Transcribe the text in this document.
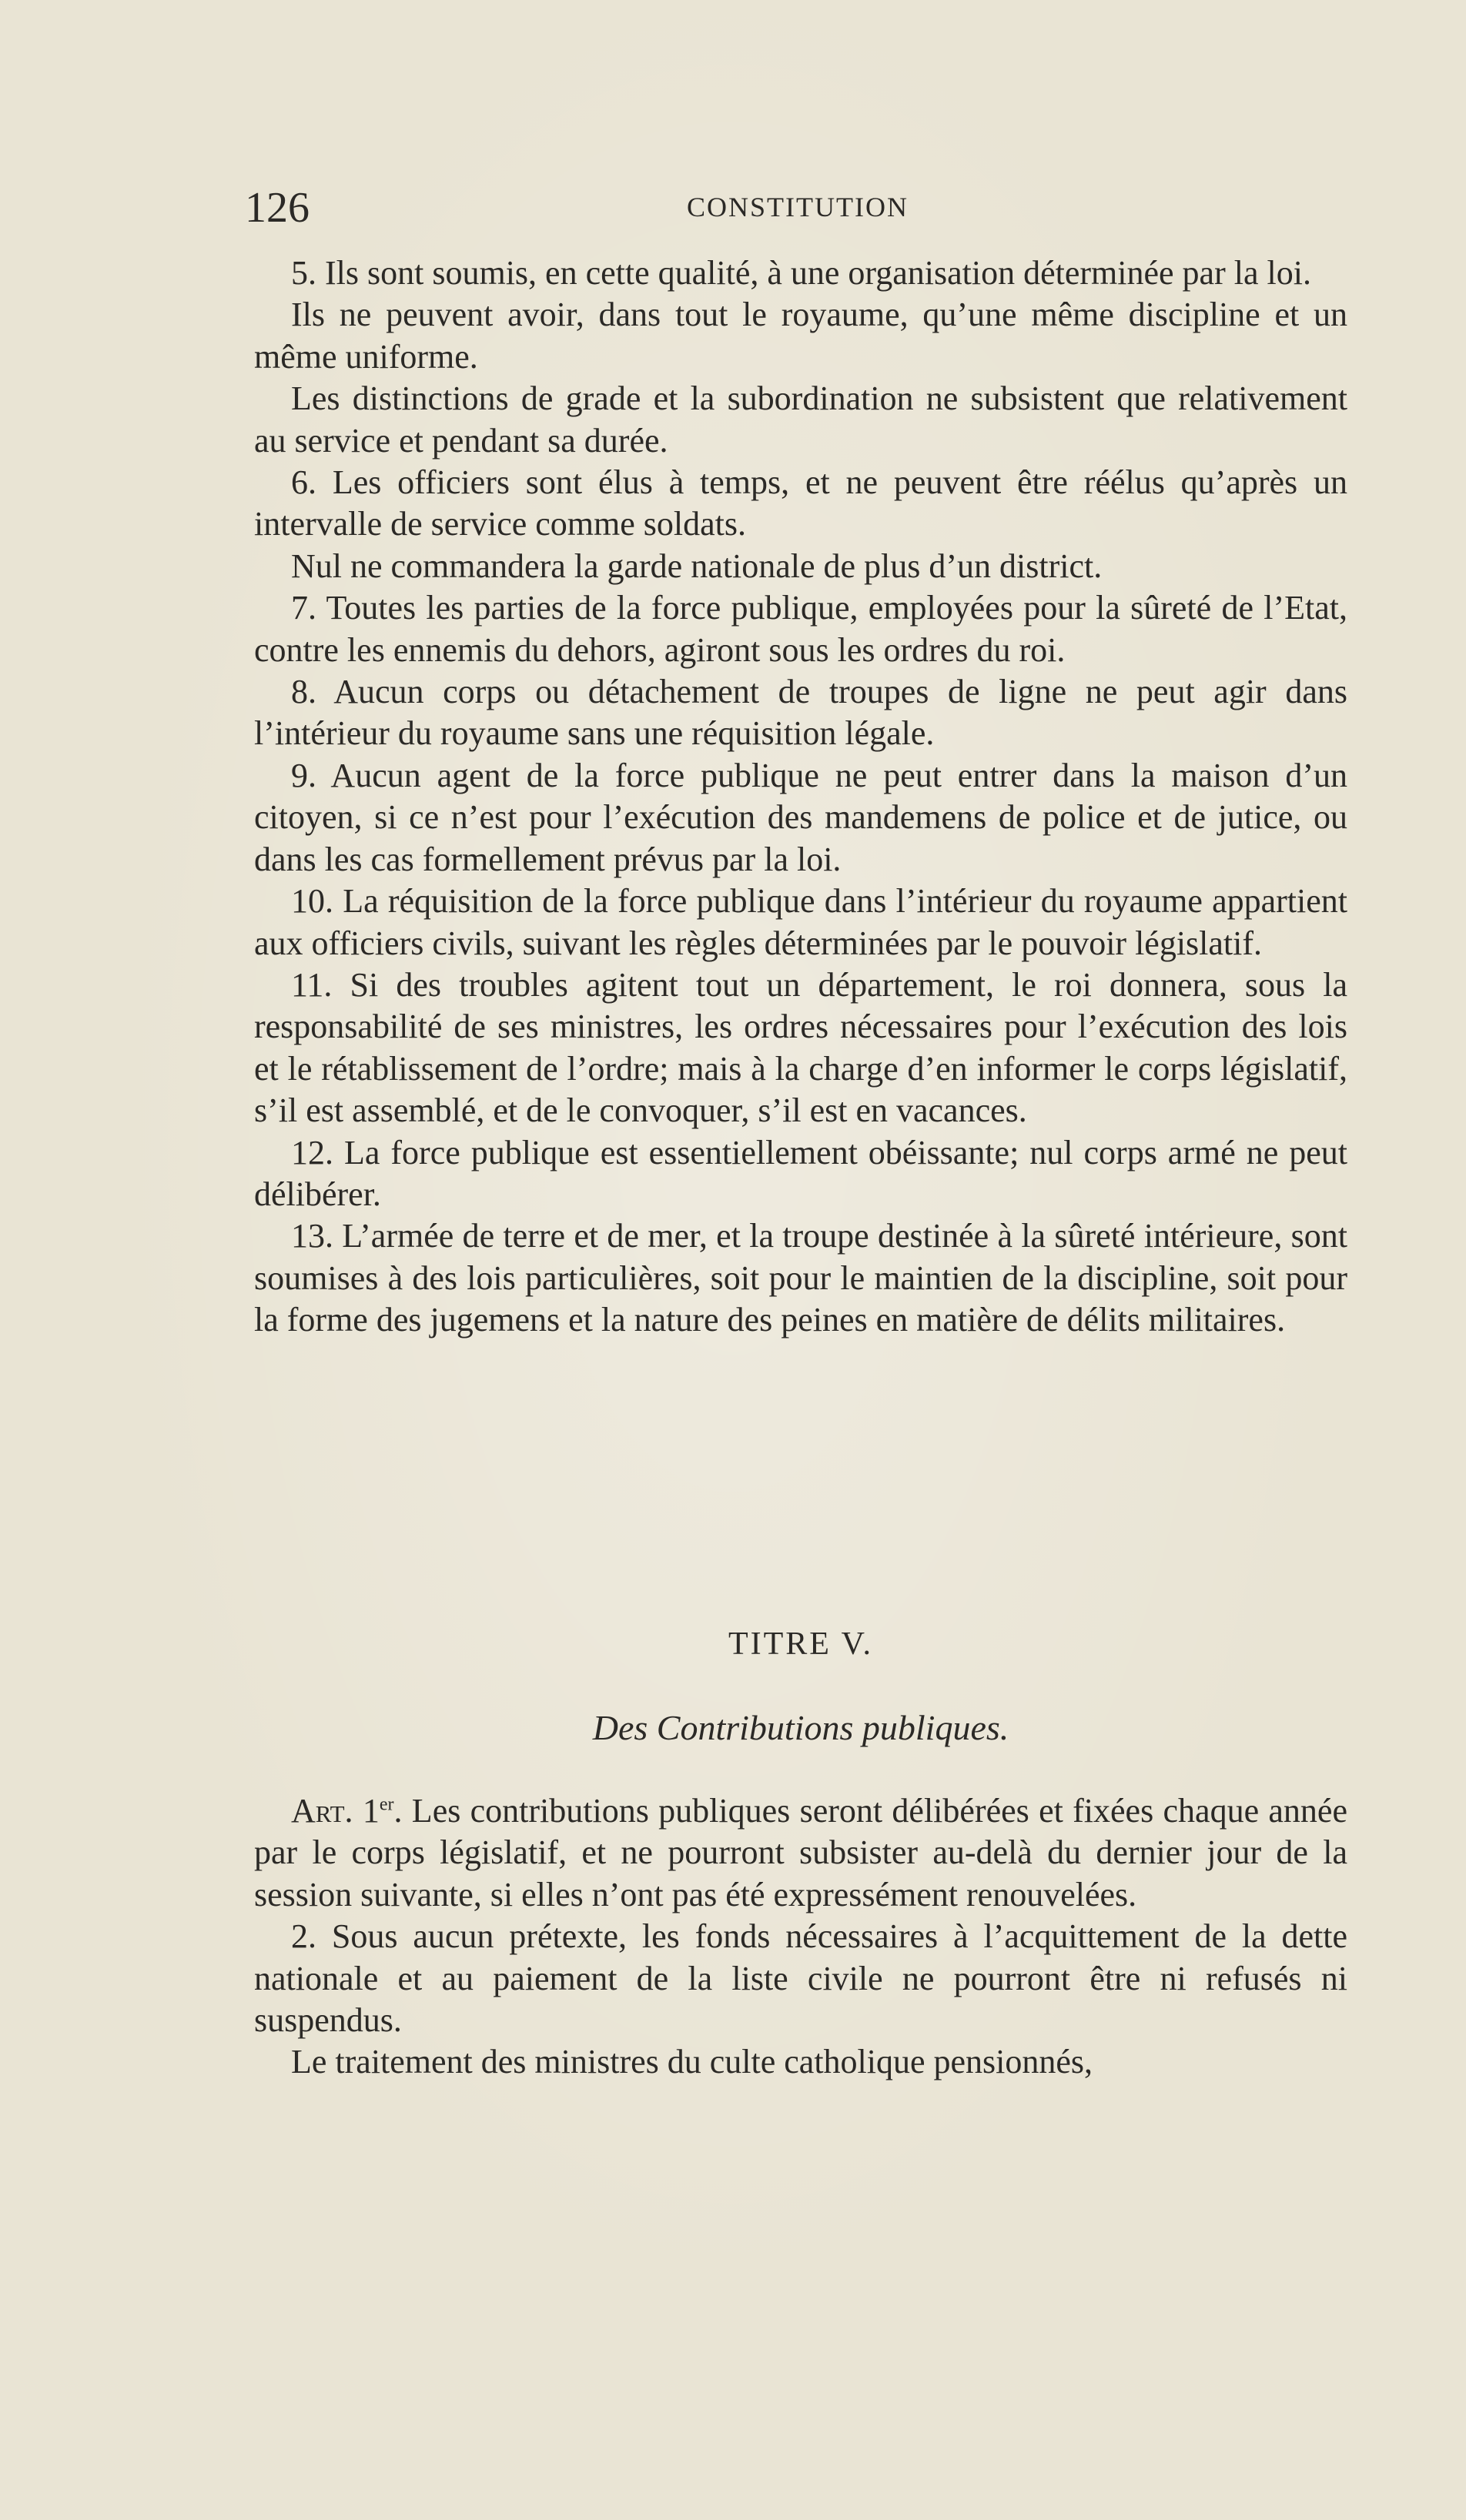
126	CONSTITUTION

5. Ils sont soumis, en cette qualité, à une organisation déterminée par la loi.

Ils ne peuvent avoir, dans tout le royaume, qu’une même discipline et un même uniforme.

Les distinctions de grade et la subordination ne subsistent que relativement au service et pendant sa durée.

6. Les officiers sont élus à temps, et ne peuvent être réélus qu’après un intervalle de service comme soldats.

Nul ne commandera la garde nationale de plus d’un district.

7. Toutes les parties de la force publique, employées pour la sûreté de l’Etat, contre les ennemis du dehors, agiront sous les ordres du roi.

8. Aucun corps ou détachement de troupes de ligne ne peut agir dans l’intérieur du royaume sans une réquisition légale.

9. Aucun agent de la force publique ne peut entrer dans la maison d’un citoyen, si ce n’est pour l’exécution des mandemens de police et de jutice, ou dans les cas formellement prévus par la loi.

10. La réquisition de la force publique dans l’intérieur du royaume appartient aux officiers civils, suivant les règles déterminées par le pouvoir législatif.

11. Si des troubles agitent tout un département, le roi donnera, sous la responsabilité de ses ministres, les ordres nécessaires pour l’exécution des lois et le rétablissement de l’ordre; mais à la charge d’en informer le corps législatif, s’il est assemblé, et de le convoquer, s’il est en vacances.

12. La force publique est essentiellement obéissante; nul corps armé ne peut délibérer.

13. L’armée de terre et de mer, et la troupe destinée à la sûreté intérieure, sont soumises à des lois particulières, soit pour le maintien de la discipline, soit pour la forme des jugemens et la nature des peines en matière de délits militaires.

TITRE V.
Des Contributions publiques.

Art. 1er. Les contributions publiques seront délibérées et fixées chaque année par le corps législatif, et ne pourront subsister au-delà du dernier jour de la session suivante, si elles n’ont pas été expressément renouvelées.

2. Sous aucun prétexte, les fonds nécessaires à l’acquittement de la dette nationale et au paiement de la liste civile ne pourront être ni refusés ni suspendus.

Le traitement des ministres du culte catholique pensionnés,
